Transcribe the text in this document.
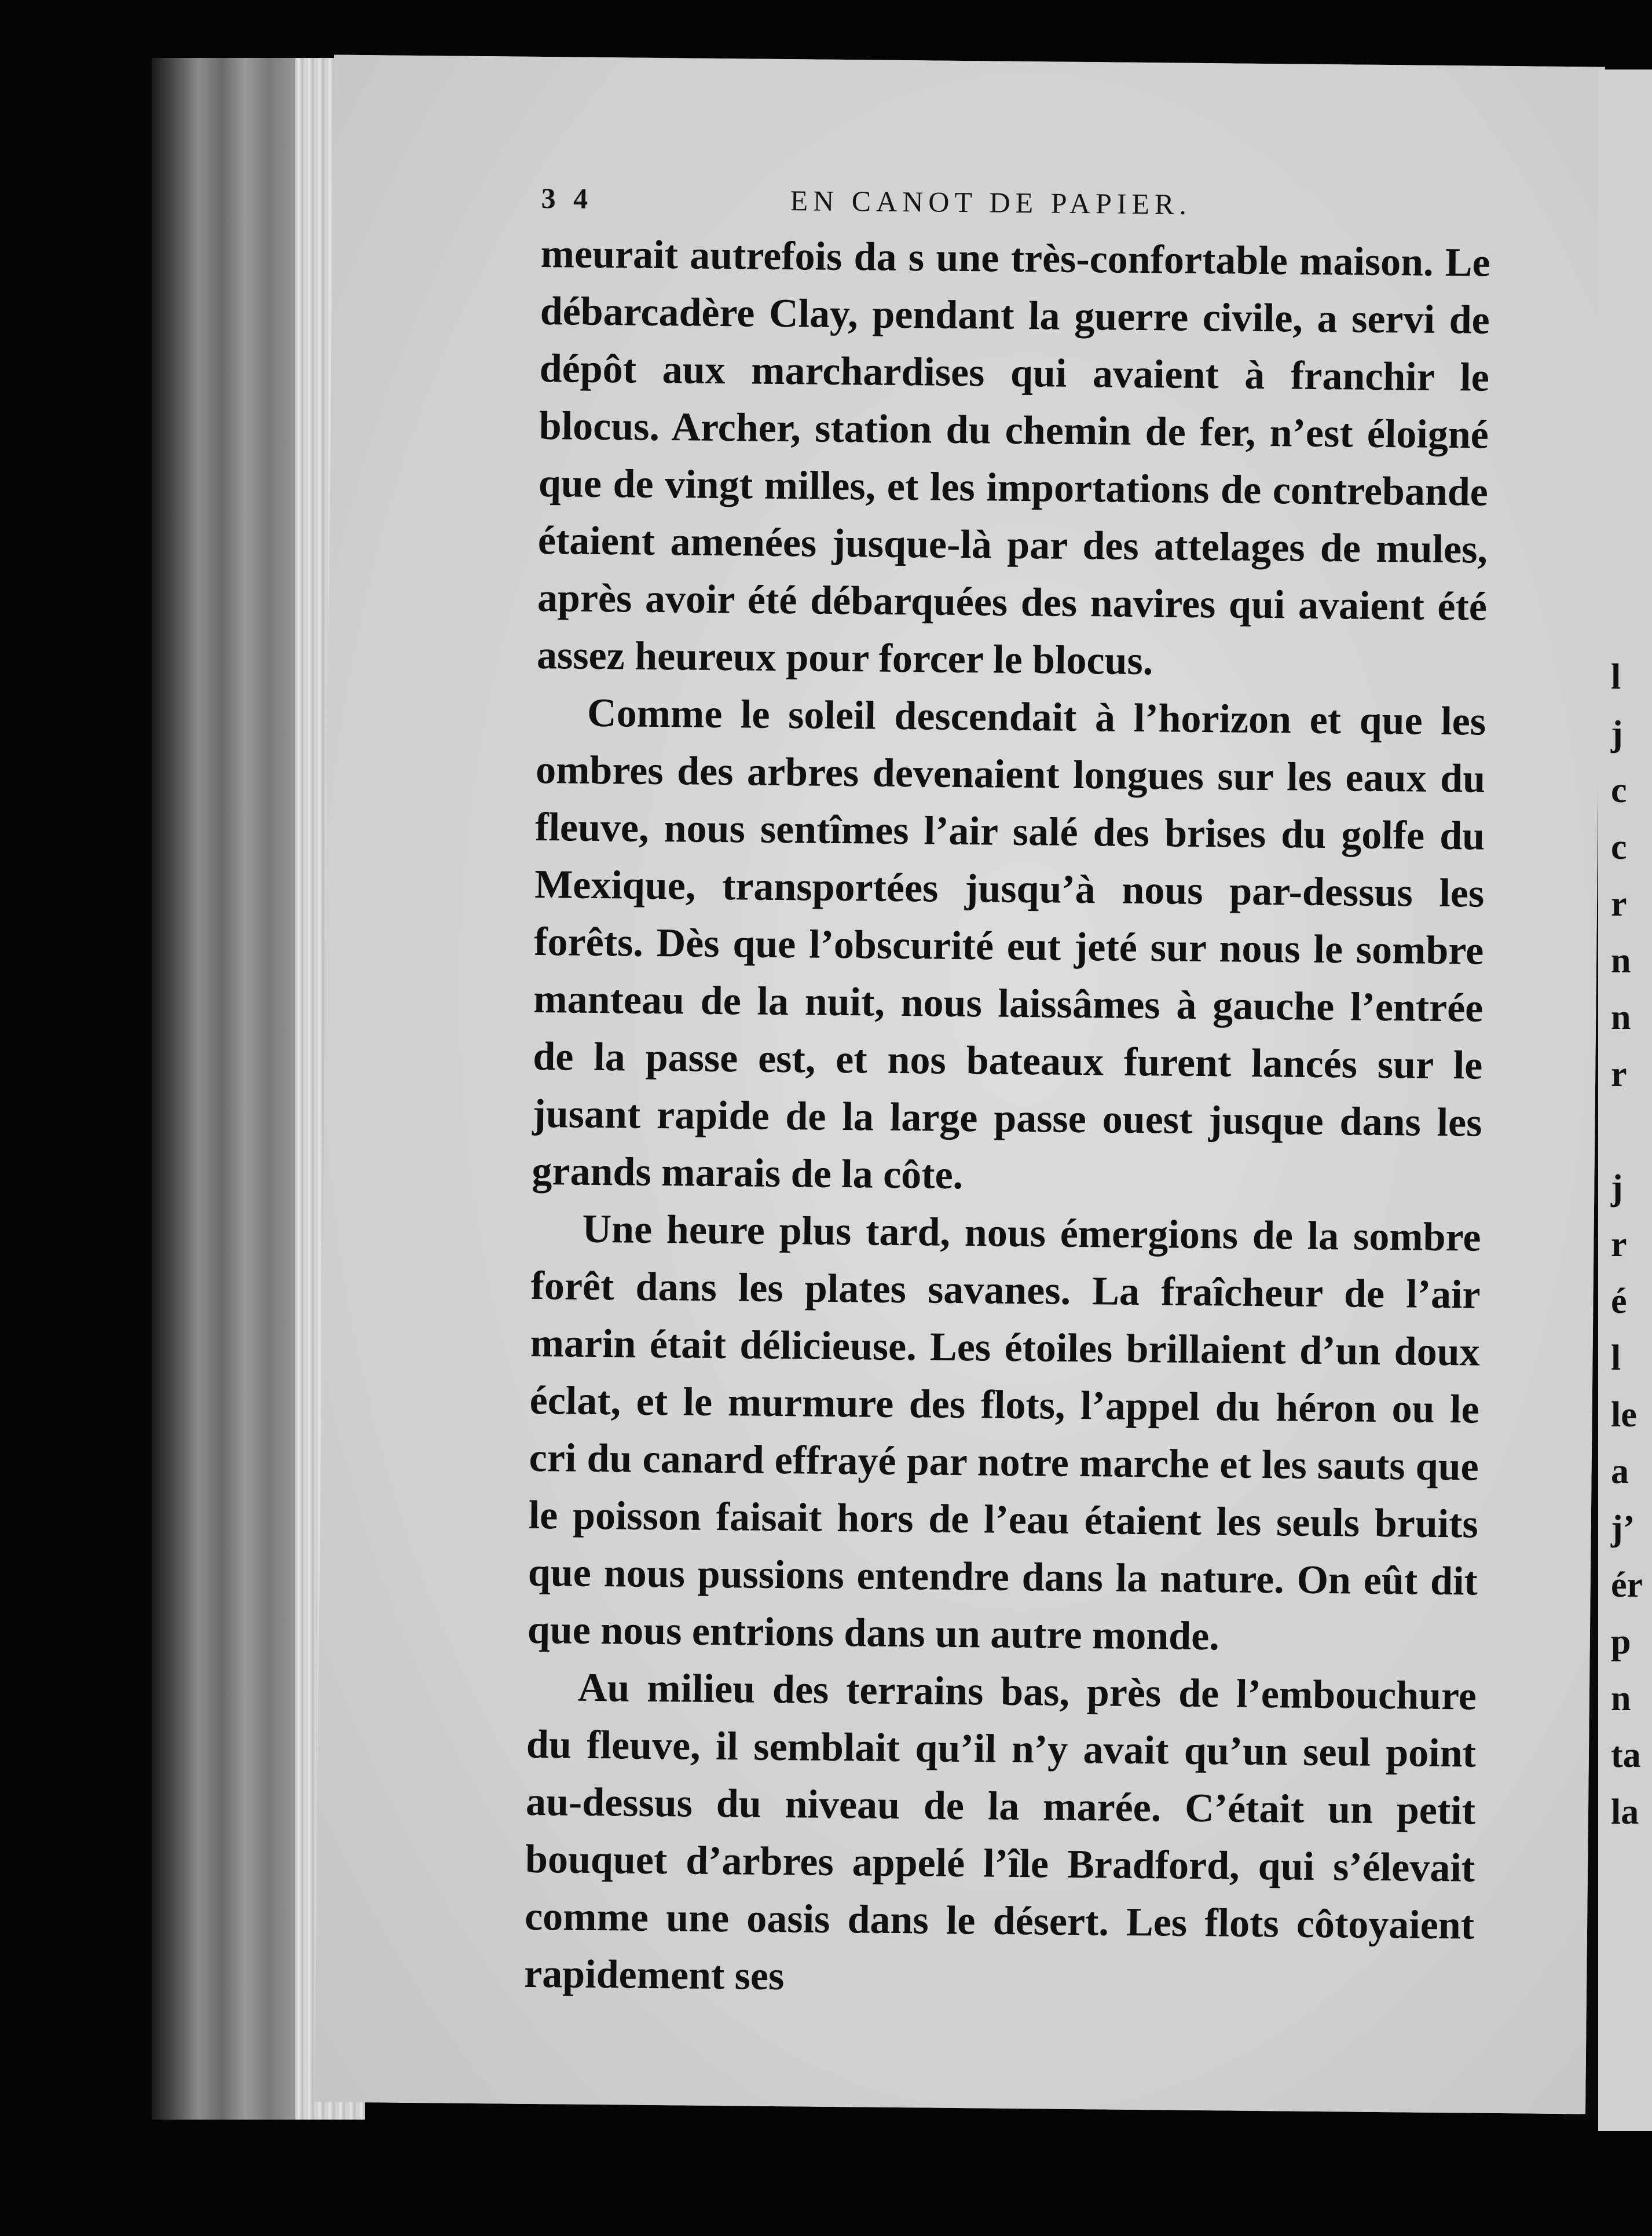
3 4	EN CANOT DE PAPIER.

meurait autrefois da s une très-confortable maison. Le débarcadère Clay, pendant la guerre civile, a servi de dépôt aux marchardises qui avaient à franchir le blocus. Archer, station du chemin de fer, n’est éloigné que de vingt milles, et les importations de contrebande étaient amenées jusque-là par des attelages de mules, après avoir été débarquées des navires qui avaient été assez heureux pour forcer le blocus.

Comme le soleil descendait à l’horizon et que les ombres des arbres devenaient longues sur les eaux du fleuve, nous sentîmes l’air salé des brises du golfe du Mexique, transportées jusqu’à nous par-dessus les forêts. Dès que l’obscurité eut jeté sur nous le sombre manteau de la nuit, nous laissâmes à gauche l’entrée de la passe est, et nos bateaux furent lancés sur le jusant rapide de la large passe ouest jusque dans les grands marais de la côte.

Une heure plus tard, nous émergions de la sombre forêt dans les plates savanes. La fraîcheur de l’air marin était délicieuse. Les étoiles brillaient d’un doux éclat, et le murmure des flots, l’appel du héron ou le cri du canard effrayé par notre marche et les sauts que le poisson faisait hors de l’eau étaient les seuls bruits que nous pussions entendre dans la nature. On eût dit que nous entrions dans un autre monde.

Au milieu des terrains bas, près de l’embouchure du fleuve, il semblait qu’il n’y avait qu’un seul point au-dessus du niveau de la marée. C’était un petit bouquet d’arbres appelé l’île Bradford, qui s’élevait comme une oasis dans le désert. Les flots côtoyaient rapidement ses

l
j
c
c
r
n
n
r
j
r
é
l
le
a
j’
ér
p
n
ta
la
